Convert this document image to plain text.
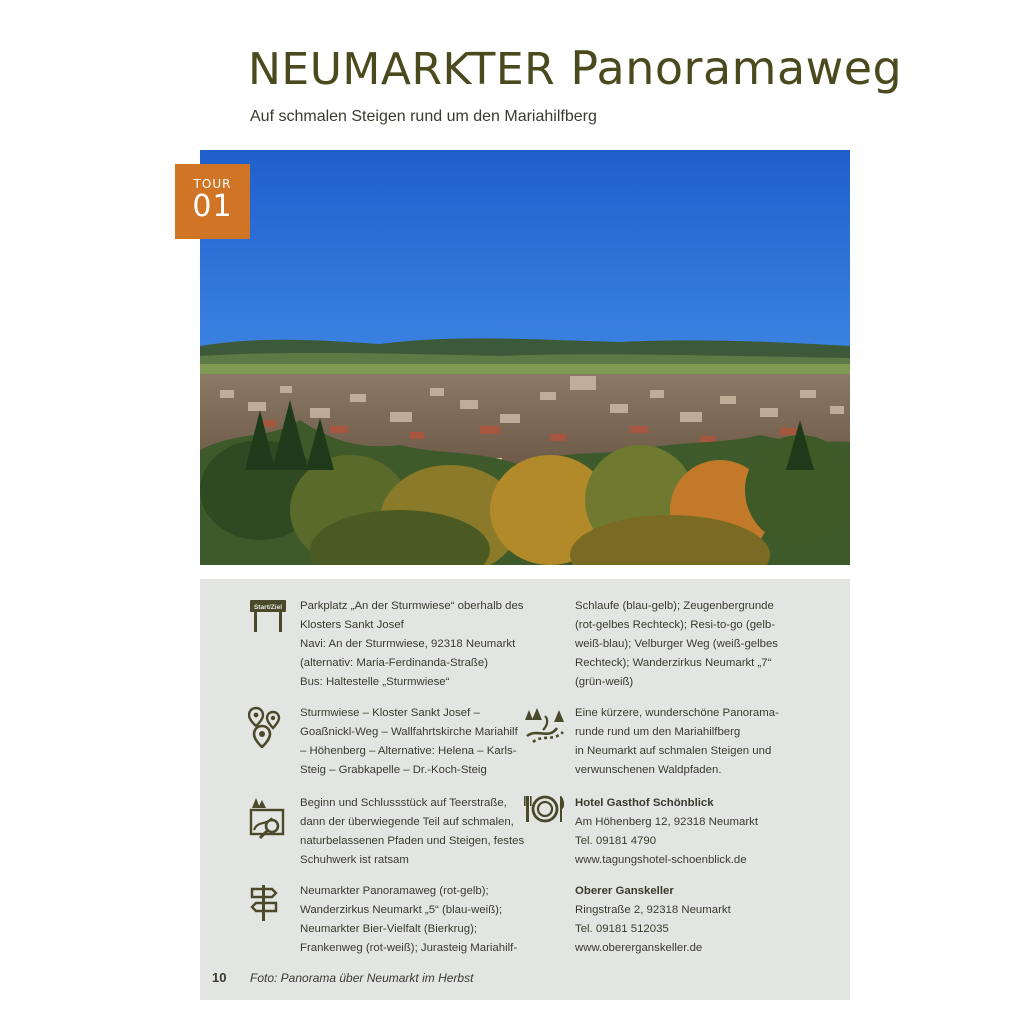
NEUMARKTER Panoramaweg

Auf schmalen Steigen rund um den Mariahilfberg

TOUR
01
Start/Ziel Parkplatz „An der Sturmwiese“ oberhalb des

Klosters Sankt Josef

Navi: An der Sturmwiese, 92318 Neumarkt

(alternativ: Maria-Ferdinanda-Straße)

Bus: Haltestelle „Sturmwiese“

Sturmwiese – Kloster Sankt Josef –

Goaßnickl-Weg – Wallfahrtskirche Mariahilf

– Höhenberg – Alternative: Helena – Karls-

Steig – Grabkapelle – Dr.-Koch-Steig

Beginn und Schlussstück auf Teerstraße,

dann der überwiegende Teil auf schmalen,

naturbelassenen Pfaden und Steigen, festes

Schuhwerk ist ratsam

Neumarkter Panoramaweg (rot-gelb);

Wanderzirkus Neumarkt „5“ (blau-weiß);

Neumarkter Bier-Vielfalt (Bierkrug);

Frankenweg (rot-weiß); Jurasteig Mariahilf-

Schlaufe (blau-gelb); Zeugenbergrunde

(rot-gelbes Rechteck); Resi-to-go (gelb-

weiß-blau); Velburger Weg (weiß-gelbes

Rechteck); Wanderzirkus Neumarkt „7“

(grün-weiß)

Eine kürzere, wunderschöne Panorama-

runde rund um den Mariahilfberg

in Neumarkt auf schmalen Steigen und

verwunschenen Waldpfaden.

Hotel Gasthof Schönblick

Am Höhenberg 12, 92318 Neumarkt

Tel. 09181 4790

www.tagungshotel-schoenblick.de

Oberer Ganskeller

Ringstraße 2, 92318 Neumarkt

Tel. 09181 512035

www.obererganskeller.de

10 Foto: Panorama über Neumarkt im Herbst
